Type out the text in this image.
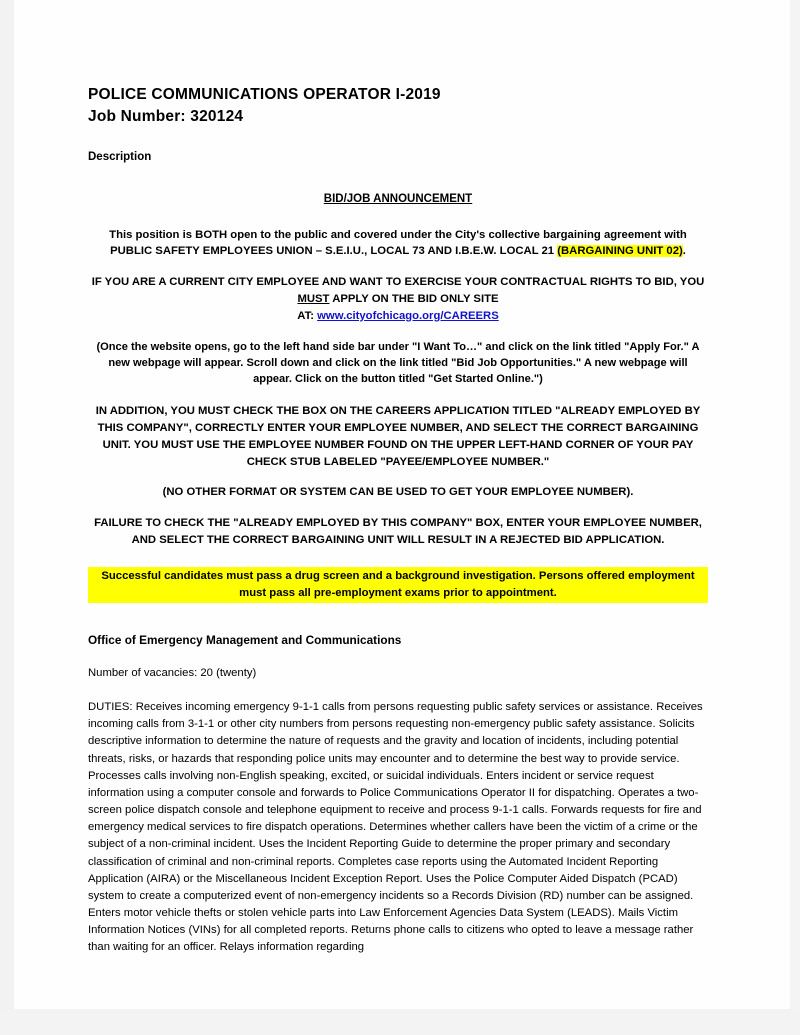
POLICE COMMUNICATIONS OPERATOR I-2019
Job Number: 320124
Description
BID/JOB ANNOUNCEMENT
This position is BOTH open to the public and covered under the City's collective bargaining agreement with PUBLIC SAFETY EMPLOYEES UNION – S.E.I.U., LOCAL 73 AND I.B.E.W. LOCAL 21 (BARGAINING UNIT 02).
IF YOU ARE A CURRENT CITY EMPLOYEE AND WANT TO EXERCISE YOUR CONTRACTUAL RIGHTS TO BID, YOU MUST APPLY ON THE BID ONLY SITE
AT: www.cityofchicago.org/CAREERS
(Once the website opens, go to the left hand side bar under "I Want To…" and click on the link titled "Apply For." A new webpage will appear. Scroll down and click on the link titled "Bid Job Opportunities." A new webpage will appear. Click on the button titled "Get Started Online.")
IN ADDITION, YOU MUST CHECK THE BOX ON THE CAREERS APPLICATION TITLED "ALREADY EMPLOYED BY THIS COMPANY", CORRECTLY ENTER YOUR EMPLOYEE NUMBER, AND SELECT THE CORRECT BARGAINING UNIT. YOU MUST USE THE EMPLOYEE NUMBER FOUND ON THE UPPER LEFT-HAND CORNER OF YOUR PAY CHECK STUB LABELED "PAYEE/EMPLOYEE NUMBER."
(NO OTHER FORMAT OR SYSTEM CAN BE USED TO GET YOUR EMPLOYEE NUMBER).
FAILURE TO CHECK THE "ALREADY EMPLOYED BY THIS COMPANY" BOX, ENTER YOUR EMPLOYEE NUMBER, AND SELECT THE CORRECT BARGAINING UNIT WILL RESULT IN A REJECTED BID APPLICATION.
Successful candidates must pass a drug screen and a background investigation. Persons offered employment must pass all pre-employment exams prior to appointment.
Office of Emergency Management and Communications
Number of vacancies: 20 (twenty)
DUTIES: Receives incoming emergency 9-1-1 calls from persons requesting public safety services or assistance. Receives incoming calls from 3-1-1 or other city numbers from persons requesting non-emergency public safety assistance. Solicits descriptive information to determine the nature of requests and the gravity and location of incidents, including potential threats, risks, or hazards that responding police units may encounter and to determine the best way to provide service. Processes calls involving non-English speaking, excited, or suicidal individuals. Enters incident or service request information using a computer console and forwards to Police Communications Operator II for dispatching. Operates a two-screen police dispatch console and telephone equipment to receive and process 9-1-1 calls. Forwards requests for fire and emergency medical services to fire dispatch operations. Determines whether callers have been the victim of a crime or the subject of a non-criminal incident. Uses the Incident Reporting Guide to determine the proper primary and secondary classification of criminal and non-criminal reports. Completes case reports using the Automated Incident Reporting Application (AIRA) or the Miscellaneous Incident Exception Report. Uses the Police Computer Aided Dispatch (PCAD) system to create a computerized event of non-emergency incidents so a Records Division (RD) number can be assigned. Enters motor vehicle thefts or stolen vehicle parts into Law Enforcement Agencies Data System (LEADS). Mails Victim Information Notices (VINs) for all completed reports. Returns phone calls to citizens who opted to leave a message rather than waiting for an officer. Relays information regarding
